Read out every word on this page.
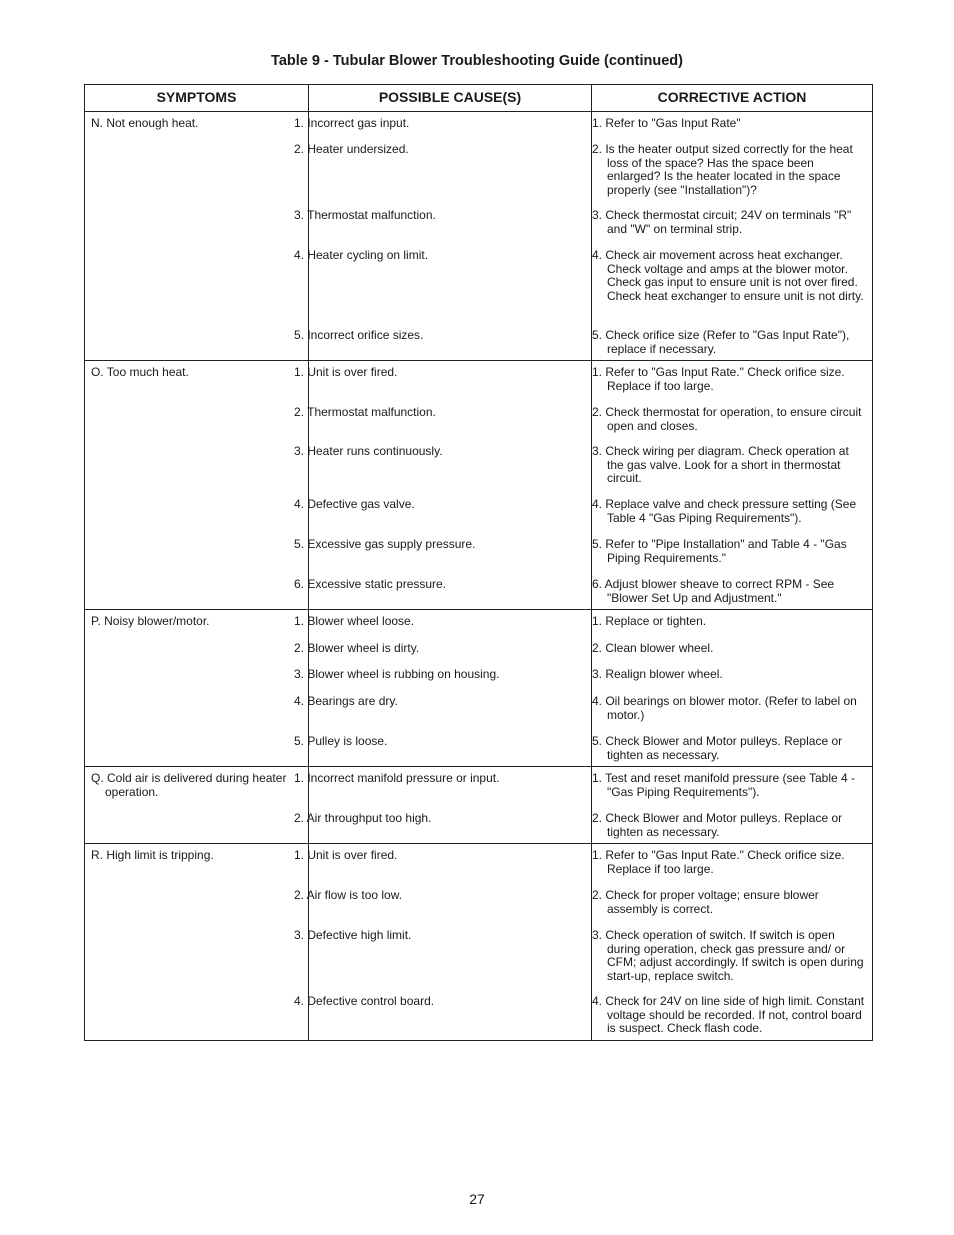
Table 9 - Tubular Blower Troubleshooting Guide (continued)
SYMPTOMS	POSSIBLE CAUSE(S)	CORRECTIVE ACTION

N. Not enough heat.	1. Incorrect gas input.	1. Refer to "Gas Input Rate"

	2. Heater undersized.	2. Is the heater output sized correctly for the heat loss of the space? Has the space been enlarged? Is the heater located in the space properly (see "Installation")?

	3. Thermostat malfunction.	3. Check thermostat circuit; 24V on terminals "R" and "W" on terminal strip.

	4. Heater cycling on limit.	4. Check air movement across heat exchanger. Check voltage and amps at the blower motor. Check gas input to ensure unit is not over fired. Check heat exchanger to ensure unit is not dirty.

	5. Incorrect orifice sizes.	5. Check orifice size (Refer to "Gas Input Rate"), replace if necessary.

O. Too much heat.	1. Unit is over fired.	1. Refer to "Gas Input Rate." Check orifice size. Replace if too large.

	2. Thermostat malfunction.	2. Check thermostat for operation, to ensure circuit open and closes.

	3. Heater runs continuously.	3. Check wiring per diagram. Check operation at the gas valve. Look for a short in thermostat circuit.

	4. Defective gas valve.	4. Replace valve and check pressure setting (See Table 4 "Gas Piping Requirements").

	5. Excessive gas supply pressure.	5. Refer to "Pipe Installation" and Table 4 - "Gas Piping Requirements."

	6. Excessive static pressure.	6. Adjust blower sheave to correct RPM - See "Blower Set Up and Adjustment."

P. Noisy blower/motor.	1. Blower wheel loose.	1. Replace or tighten.

	2. Blower wheel is dirty.	2. Clean blower wheel.

	3. Blower wheel is rubbing on housing.	3. Realign blower wheel.

	4. Bearings are dry.	4. Oil bearings on blower motor. (Refer to label on motor.)

	5. Pulley is loose.	5. Check Blower and Motor pulleys. Replace or tighten as necessary.

Q. Cold air is delivered during heater operation.	1. Incorrect manifold pressure or input.	1. Test and reset manifold pressure (see Table 4 - "Gas Piping Requirements").

	2. Air throughput too high.	2. Check Blower and Motor pulleys. Replace or tighten as necessary.

R. High limit is tripping.	1. Unit is over fired.	1. Refer to "Gas Input Rate." Check orifice size. Replace if too large.

	2. Air flow is too low.	2. Check for proper voltage; ensure blower assembly is correct.

	3. Defective high limit.	3. Check operation of switch. If switch is open during operation, check gas pressure and/ or CFM; adjust accordingly. If switch is open during start-up, replace switch.

	4. Defective control board.	4. Check for 24V on line side of high limit. Constant voltage should be recorded. If not, control board is suspect. Check flash code.
27
